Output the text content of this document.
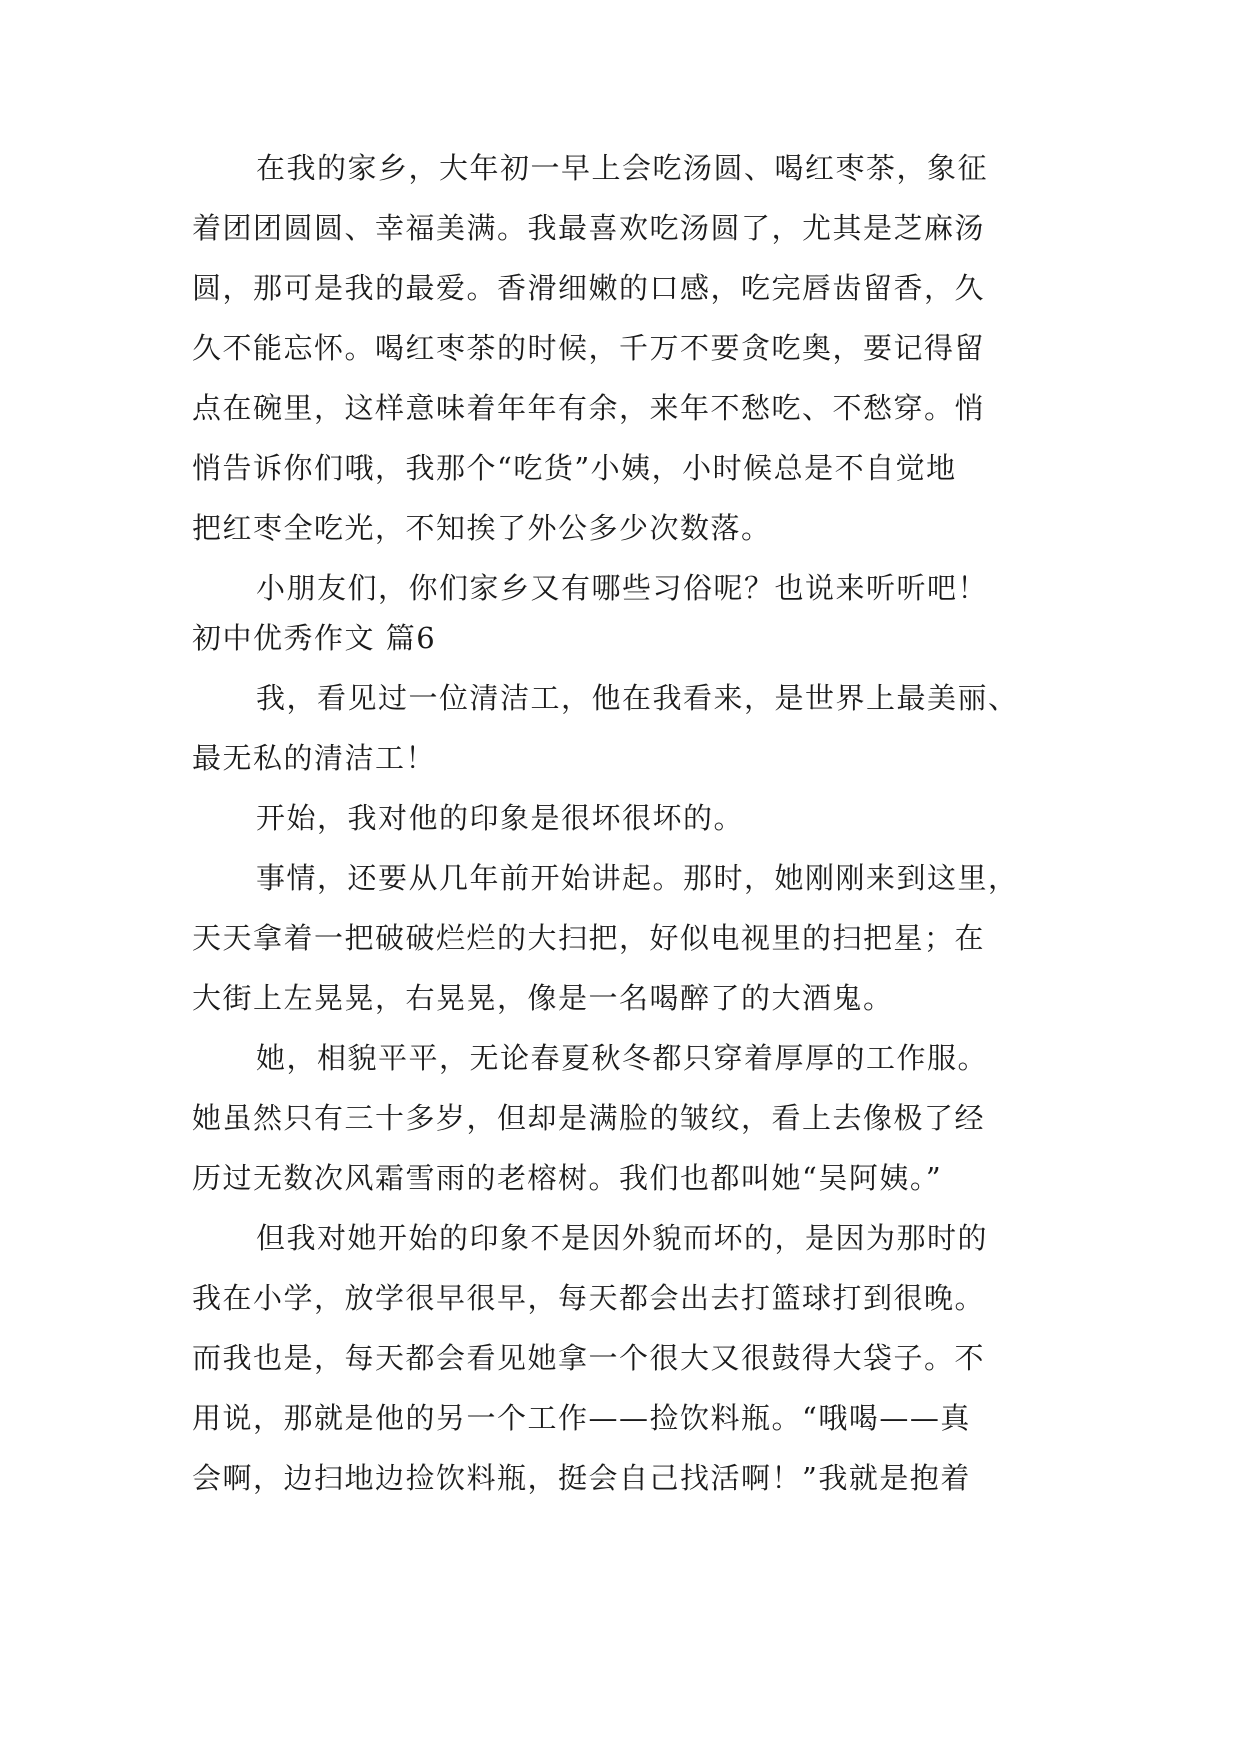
在我的家乡，大年初一早上会吃汤圆、喝红枣茶，象征
着团团圆圆、幸福美满。我最喜欢吃汤圆了，尤其是芝麻汤
圆，那可是我的最爱。香滑细嫩的口感，吃完唇齿留香，久
久不能忘怀。喝红枣茶的时候，千万不要贪吃奥，要记得留
点在碗里，这样意味着年年有余，来年不愁吃、不愁穿。悄
悄告诉你们哦，我那个“吃货”小姨，小时候总是不自觉地
把红枣全吃光，不知挨了外公多少次数落。
小朋友们，你们家乡又有哪些习俗呢？也说来听听吧！
初中优秀作文 篇6
我，看见过一位清洁工，他在我看来，是世界上最美丽、
最无私的清洁工！
开始，我对他的印象是很坏很坏的。
事情，还要从几年前开始讲起。那时，她刚刚来到这里，
天天拿着一把破破烂烂的大扫把，好似电视里的扫把星；在
大街上左晃晃，右晃晃，像是一名喝醉了的大酒鬼。
她，相貌平平，无论春夏秋冬都只穿着厚厚的工作服。
她虽然只有三十多岁，但却是满脸的皱纹，看上去像极了经
历过无数次风霜雪雨的老榕树。我们也都叫她“吴阿姨。”
但我对她开始的印象不是因外貌而坏的，是因为那时的
我在小学，放学很早很早，每天都会出去打篮球打到很晚。
而我也是，每天都会看见她拿一个很大又很鼓得大袋子。不
用说，那就是他的另一个工作——捡饮料瓶。“哦喝——真
会啊，边扫地边捡饮料瓶，挺会自己找活啊！”我就是抱着
